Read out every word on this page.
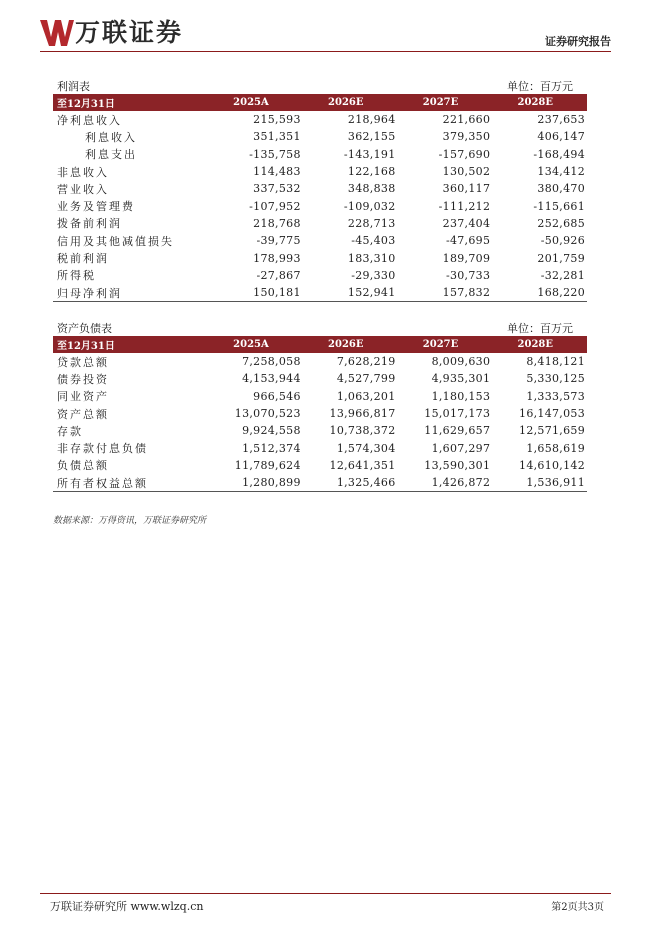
万联证券	证券研究报告
利润表	单位：百万元
至12月31日	2025A	2026E	2027E	2028E
净利息收入	215,593	218,964	221,660	237,653
利息收入	351,351	362,155	379,350	406,147
利息支出	-135,758	-143,191	-157,690	-168,494
非息收入	114,483	122,168	130,502	134,412
营业收入	337,532	348,838	360,117	380,470
业务及管理费	-107,952	-109,032	-111,212	-115,661
拨备前利润	218,768	228,713	237,404	252,685
信用及其他减值损失	-39,775	-45,403	-47,695	-50,926
税前利润	178,993	183,310	189,709	201,759
所得税	-27,867	-29,330	-30,733	-32,281
归母净利润	150,181	152,941	157,832	168,220
资产负债表	单位：百万元
至12月31日	2025A	2026E	2027E	2028E
贷款总额	7,258,058	7,628,219	8,009,630	8,418,121
债券投资	4,153,944	4,527,799	4,935,301	5,330,125
同业资产	966,546	1,063,201	1,180,153	1,333,573
资产总额	13,070,523	13,966,817	15,017,173	16,147,053
存款	9,924,558	10,738,372	11,629,657	12,571,659
非存款付息负债	1,512,374	1,574,304	1,607,297	1,658,619
负债总额	11,789,624	12,641,351	13,590,301	14,610,142
所有者权益总额	1,280,899	1,325,466	1,426,872	1,536,911
数据来源：万得资讯，万联证券研究所
万联证券研究所 www.wlzq.cn	第2页共3页
